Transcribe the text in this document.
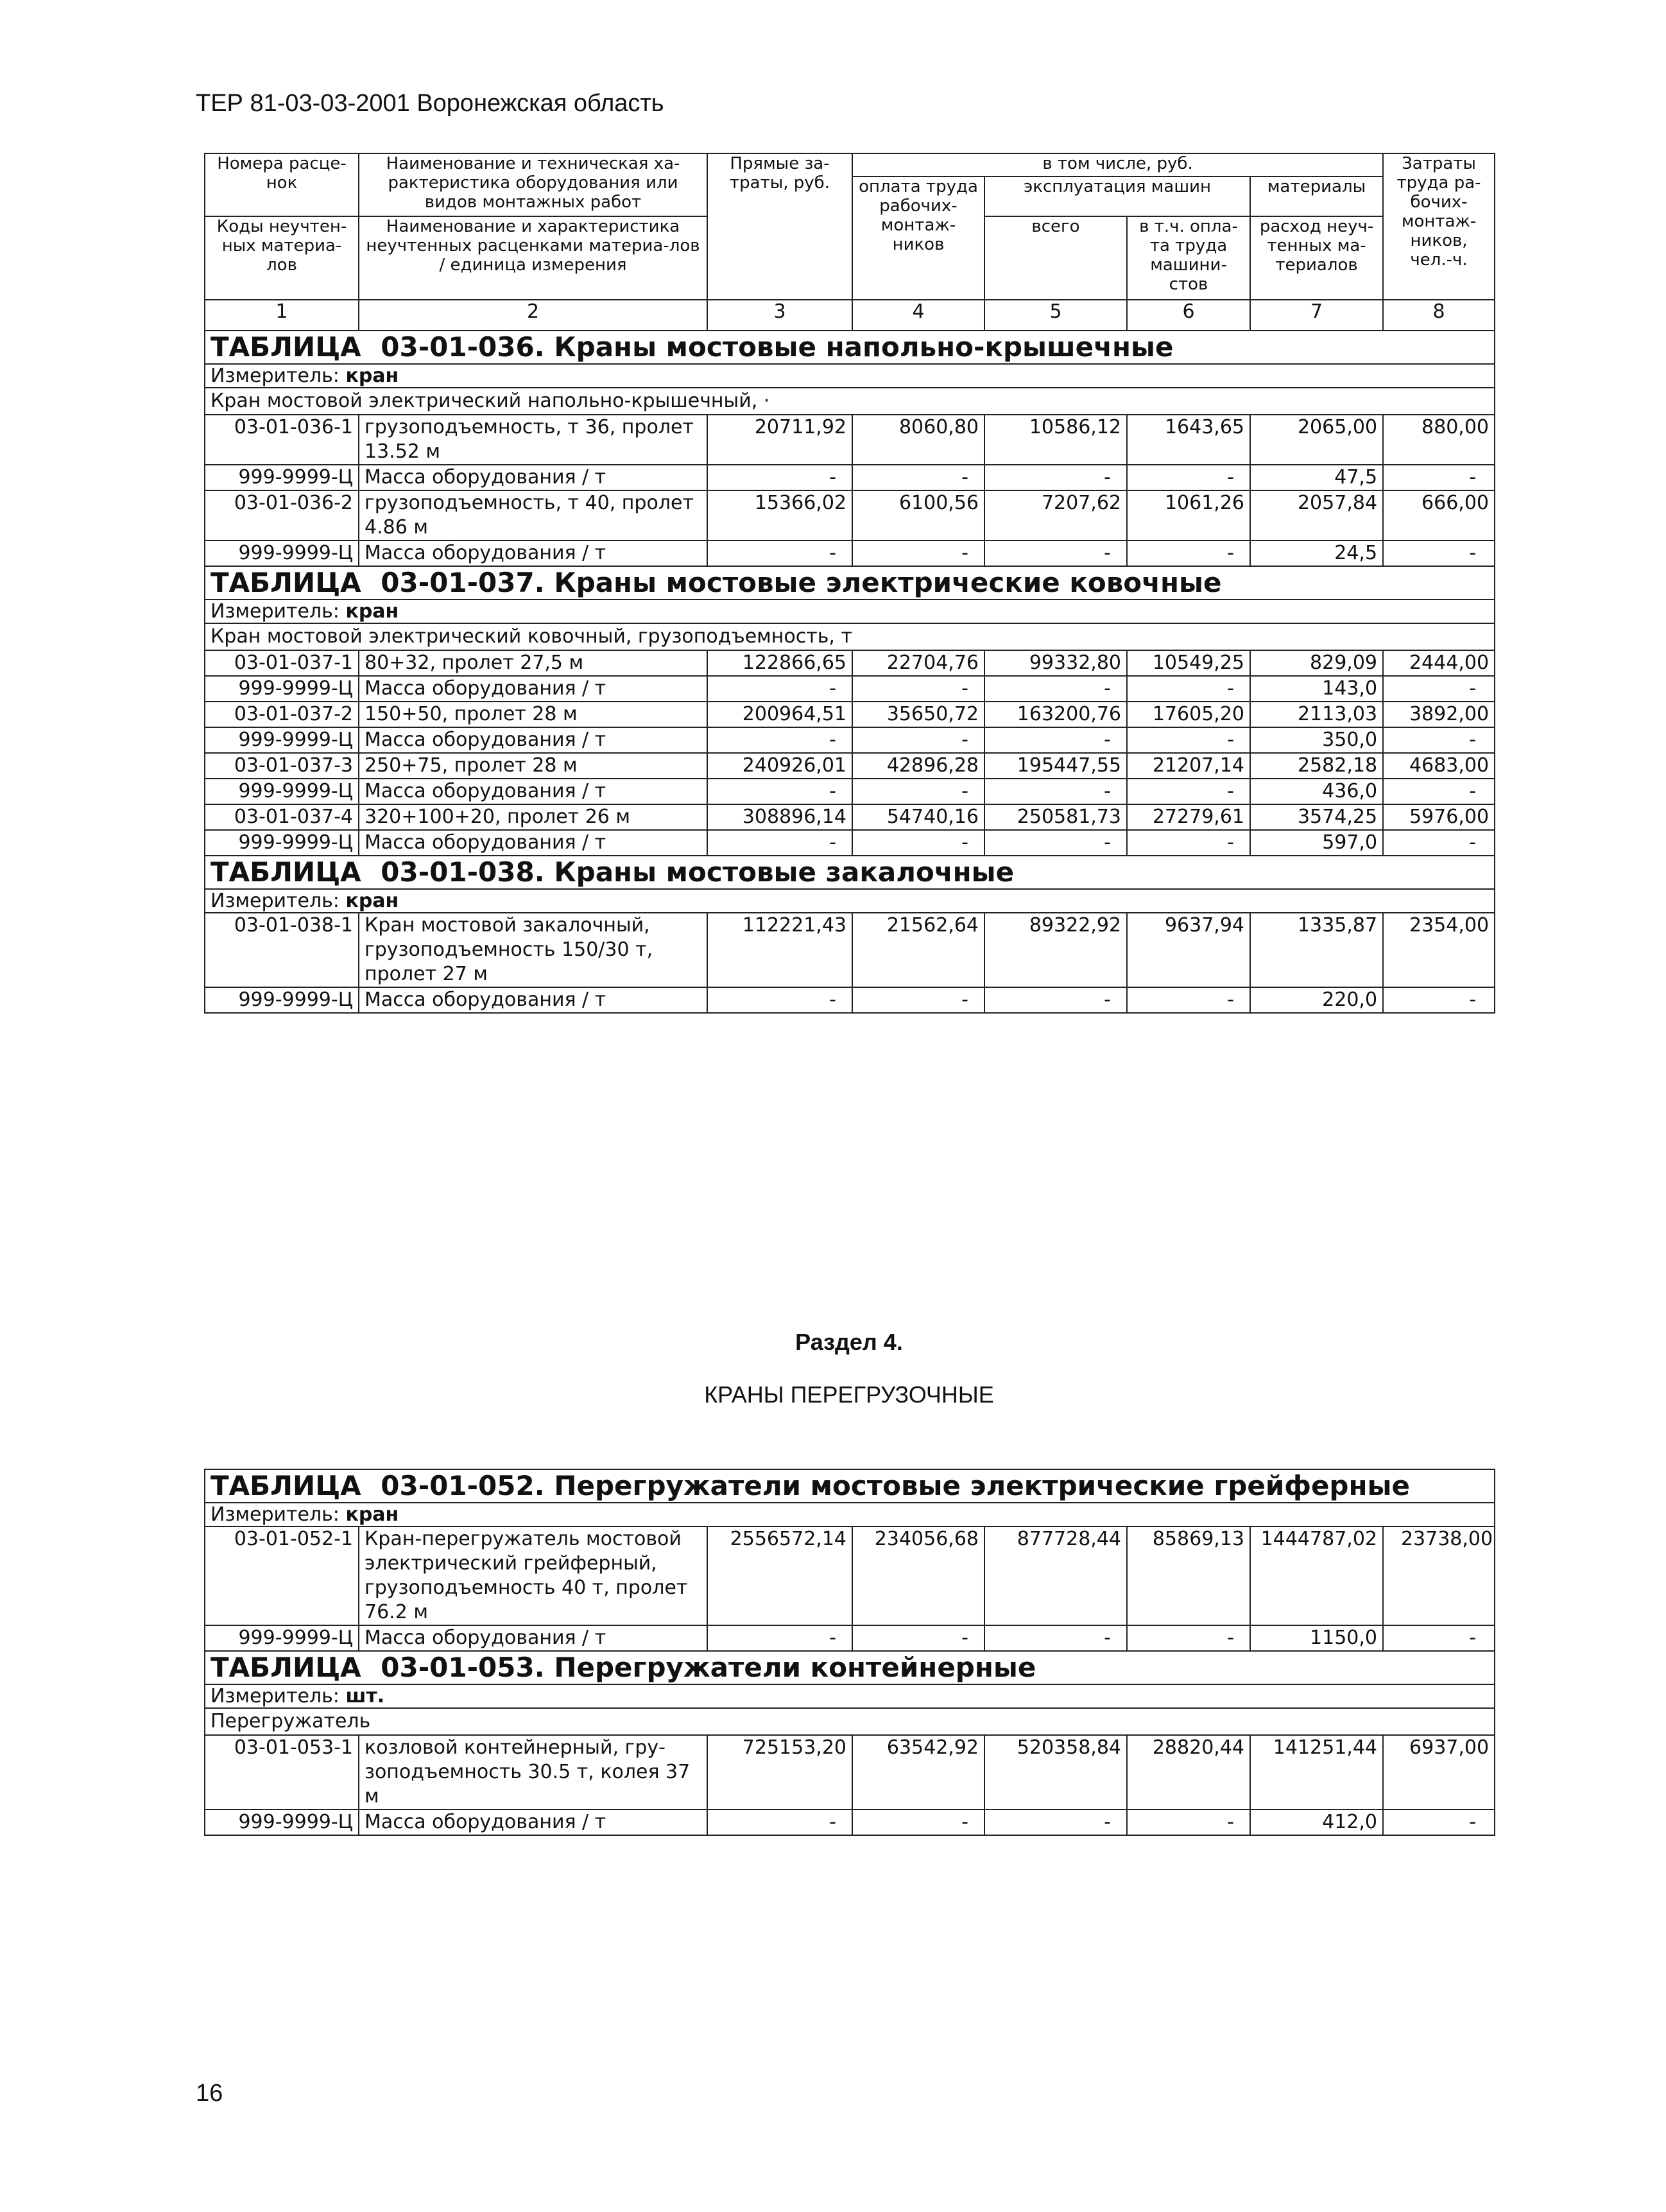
ТЕР 81-03-03-2001 Воронежская область
Номера расце-нок	Наименование и техническая ха-рактеристика оборудования или видов монтажных работ	Прямые за-траты, руб.	в том числе, руб.				Затраты труда ра-бочих-монтаж-ников, чел.-ч.
			оплата труда рабочих-монтаж-ников	эксплуатация машин		материалы	
Коды неучтен-ных материа-лов	Наименование и характеристика неучтенных расценками материа-лов / единица измерения			всего	в т.ч. опла-та труда машини-стов	расход неуч-тенных ма-териалов	

1	2	3	4	5	6	7	8
ТАБЛИЦА 03-01-036. Краны мостовые напольно-крышечные							
Измеритель: кран							
Кран мостовой электрический напольно-крышечный, ·							
03-01-036-1	грузоподъемность, т 36, пролет 13.52 м	20711,92	8060,80	10586,12	1643,65	2065,00	880,00
999-9999-Ц	Масса оборудования / т	-	-	-	-	47,5	-
03-01-036-2	грузоподъемность, т 40, пролет 4.86 м	15366,02	6100,56	7207,62	1061,26	2057,84	666,00
999-9999-Ц	Масса оборудования / т	-	-	-	-	24,5	-
ТАБЛИЦА 03-01-037. Краны мостовые электрические ковочные							
Измеритель: кран							
Кран мостовой электрический ковочный, грузоподъемность, т							
03-01-037-1	80+32, пролет 27,5 м	122866,65	22704,76	99332,80	10549,25	829,09	2444,00
999-9999-Ц	Масса оборудования / т	-	-	-	-	143,0	-
03-01-037-2	150+50, пролет 28 м	200964,51	35650,72	163200,76	17605,20	2113,03	3892,00
999-9999-Ц	Масса оборудования / т	-	-	-	-	350,0	-
03-01-037-3	250+75, пролет 28 м	240926,01	42896,28	195447,55	21207,14	2582,18	4683,00
999-9999-Ц	Масса оборудования / т	-	-	-	-	436,0	-
03-01-037-4	320+100+20, пролет 26 м	308896,14	54740,16	250581,73	27279,61	3574,25	5976,00
999-9999-Ц	Масса оборудования / т	-	-	-	-	597,0	-
ТАБЛИЦА 03-01-038. Краны мостовые закалочные							
Измеритель: кран							
03-01-038-1	Кран мостовой закалочный, грузоподъемность 150/30 т, пролет 27 м	112221,43	21562,64	89322,92	9637,94	1335,87	2354,00
999-9999-Ц	Масса оборудования / т	-	-	-	-	220,0	-
Раздел 4.
КРАНЫ ПЕРЕГРУЗОЧНЫЕ
ТАБЛИЦА 03-01-052. Перегружатели мостовые электрические грейферные							
Измеритель: кран							
03-01-052-1	Кран-перегружатель мостовой электрический грейферный, грузоподъемность 40 т, пролет 76.2 м	2556572,14	234056,68	877728,44	85869,13	1444787,02	23738,00
999-9999-Ц	Масса оборудования / т	-	-	-	-	1150,0	-
ТАБЛИЦА 03-01-053. Перегружатели контейнерные							
Измеритель: шт.							
Перегружатель							
03-01-053-1	козловой контейнерный, гру-зоподъемность 30.5 т, колея 37 м	725153,20	63542,92	520358,84	28820,44	141251,44	6937,00
999-9999-Ц	Масса оборудования / т	-	-	-	-	412,0	-
16
